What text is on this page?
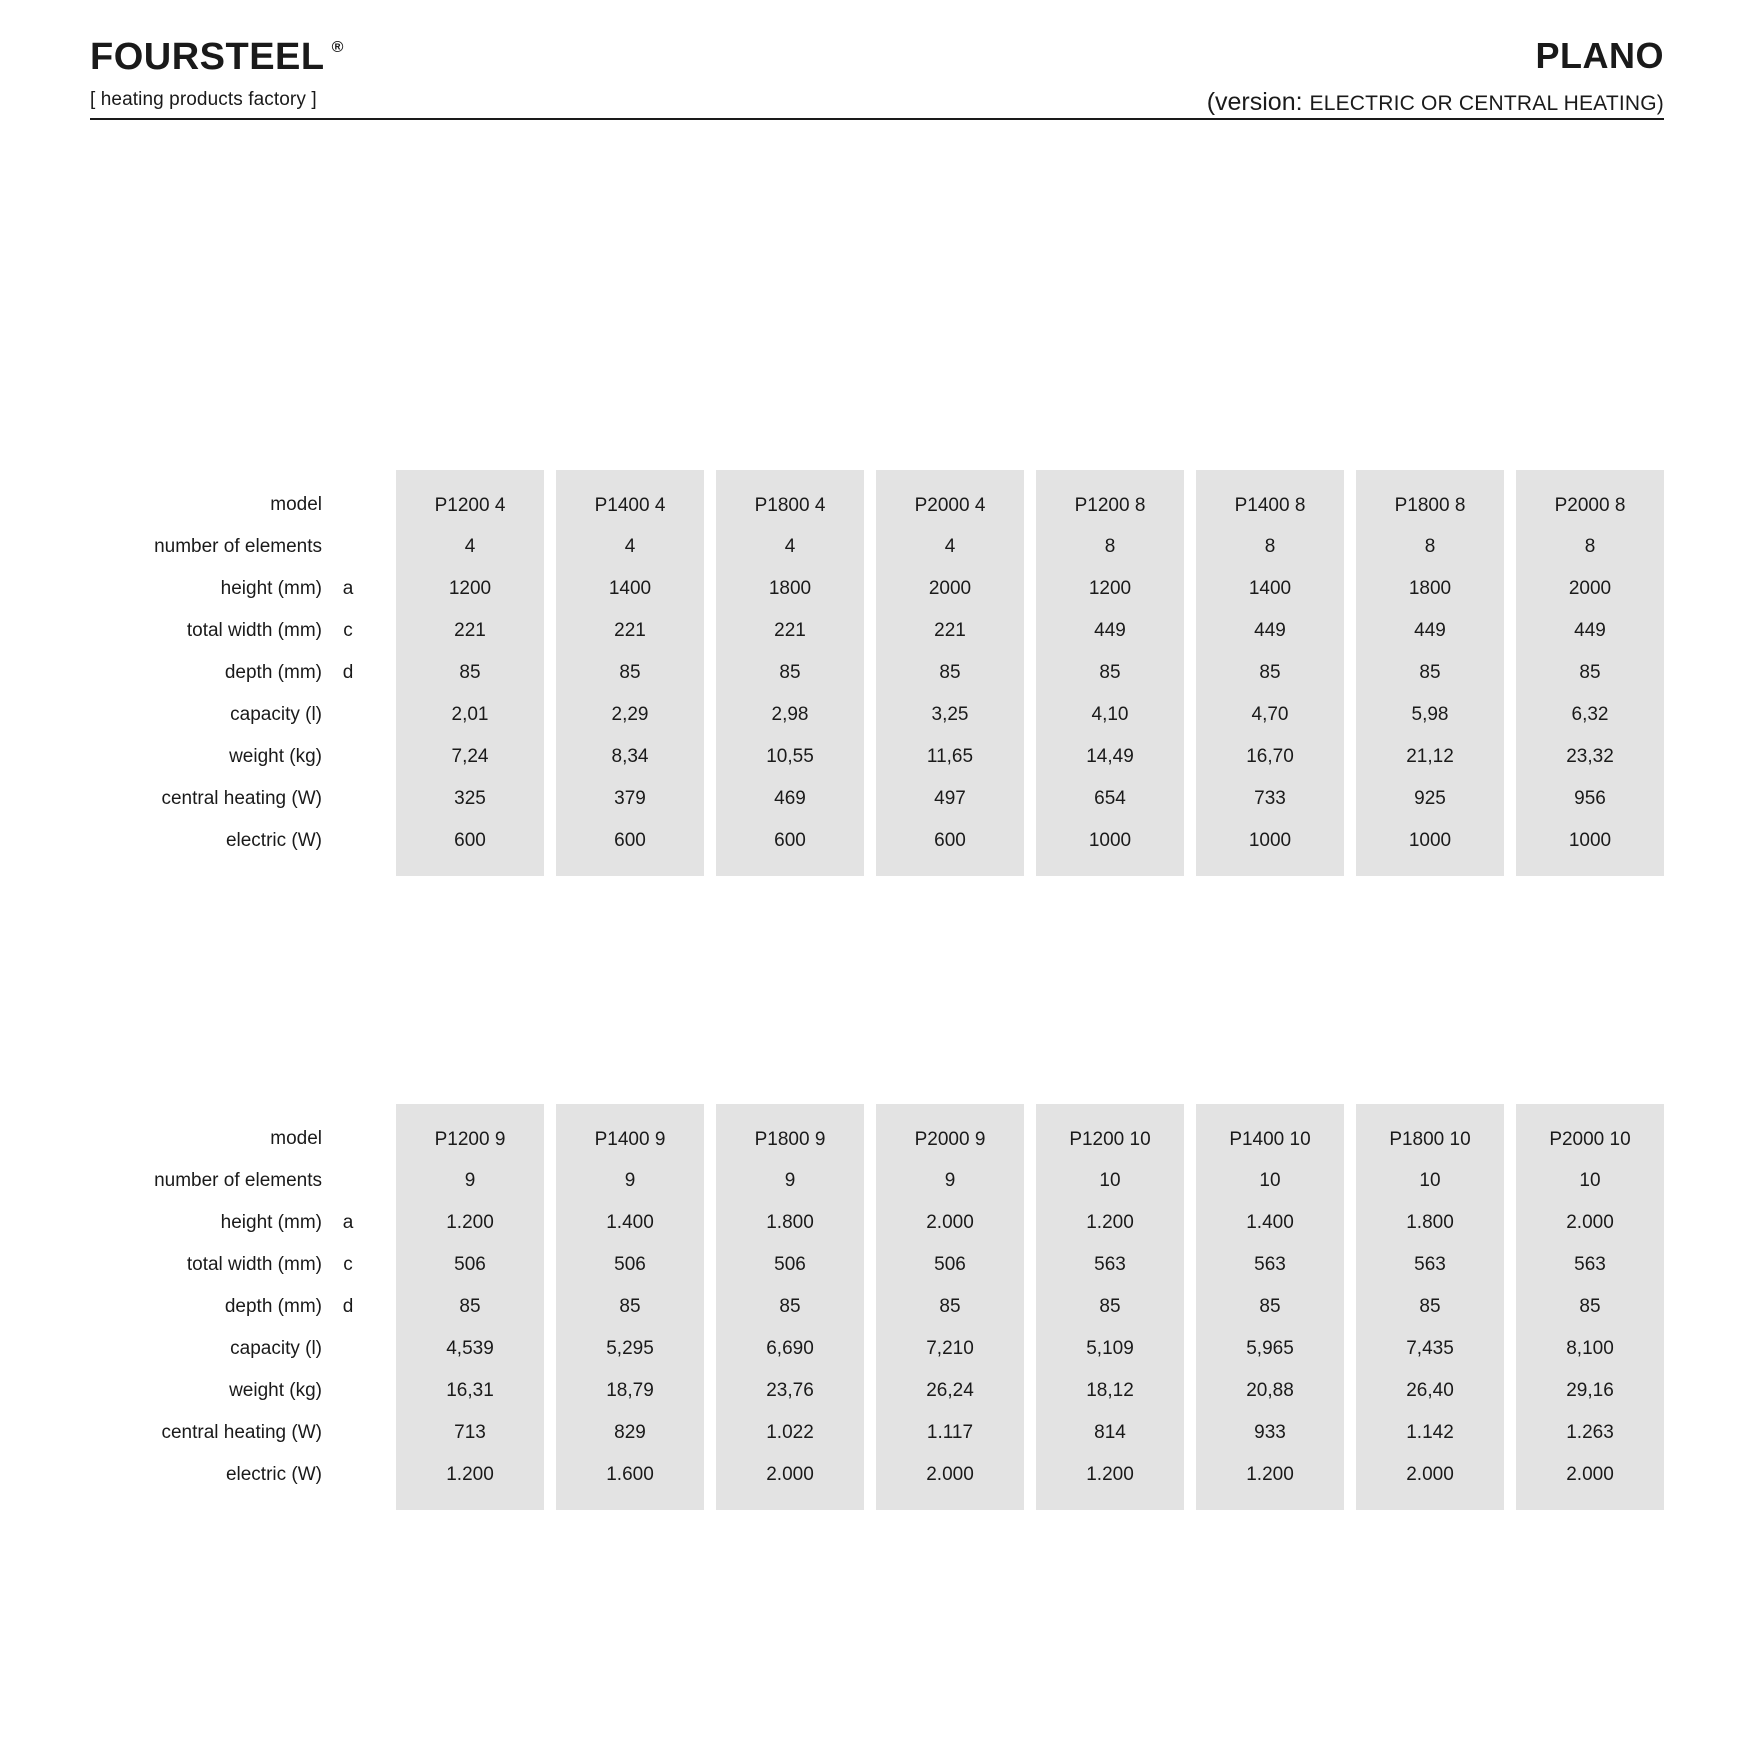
FOURSTEEL ®
[ heating products factory ]
PLANO
(version: ELECTRIC OR CENTRAL HEATING)

model			P1200 4		P1400 4		P1800 4		P2000 4		P1200 8		P1400 8		P1800 8		P2000 8
number of elements			4		4		4		4		8		8		8		8
height (mm)	a		1200		1400		1800		2000		1200		1400		1800		2000
total width (mm)	c		221		221		221		221		449		449		449		449
depth (mm)	d		85		85		85		85		85		85		85		85
capacity (l)			2,01		2,29		2,98		3,25		4,10		4,70		5,98		6,32
weight (kg)			7,24		8,34		10,55		11,65		14,49		16,70		21,12		23,32
central heating (W)			325		379		469		497		654		733		925		956
electric (W)			600		600		600		600		1000		1000		1000		1000

model			P1200 9		P1400 9		P1800 9		P2000 9		P1200 10		P1400 10		P1800 10		P2000 10
number of elements			9		9		9		9		10		10		10		10
height (mm)	a		1.200		1.400		1.800		2.000		1.200		1.400		1.800		2.000
total width (mm)	c		506		506		506		506		563		563		563		563
depth (mm)	d		85		85		85		85		85		85		85		85
capacity (l)			4,539		5,295		6,690		7,210		5,109		5,965		7,435		8,100
weight (kg)			16,31		18,79		23,76		26,24		18,12		20,88		26,40		29,16
central heating (W)			713		829		1.022		1.117		814		933		1.142		1.263
electric (W)			1.200		1.600		2.000		2.000		1.200		1.200		2.000		2.000
